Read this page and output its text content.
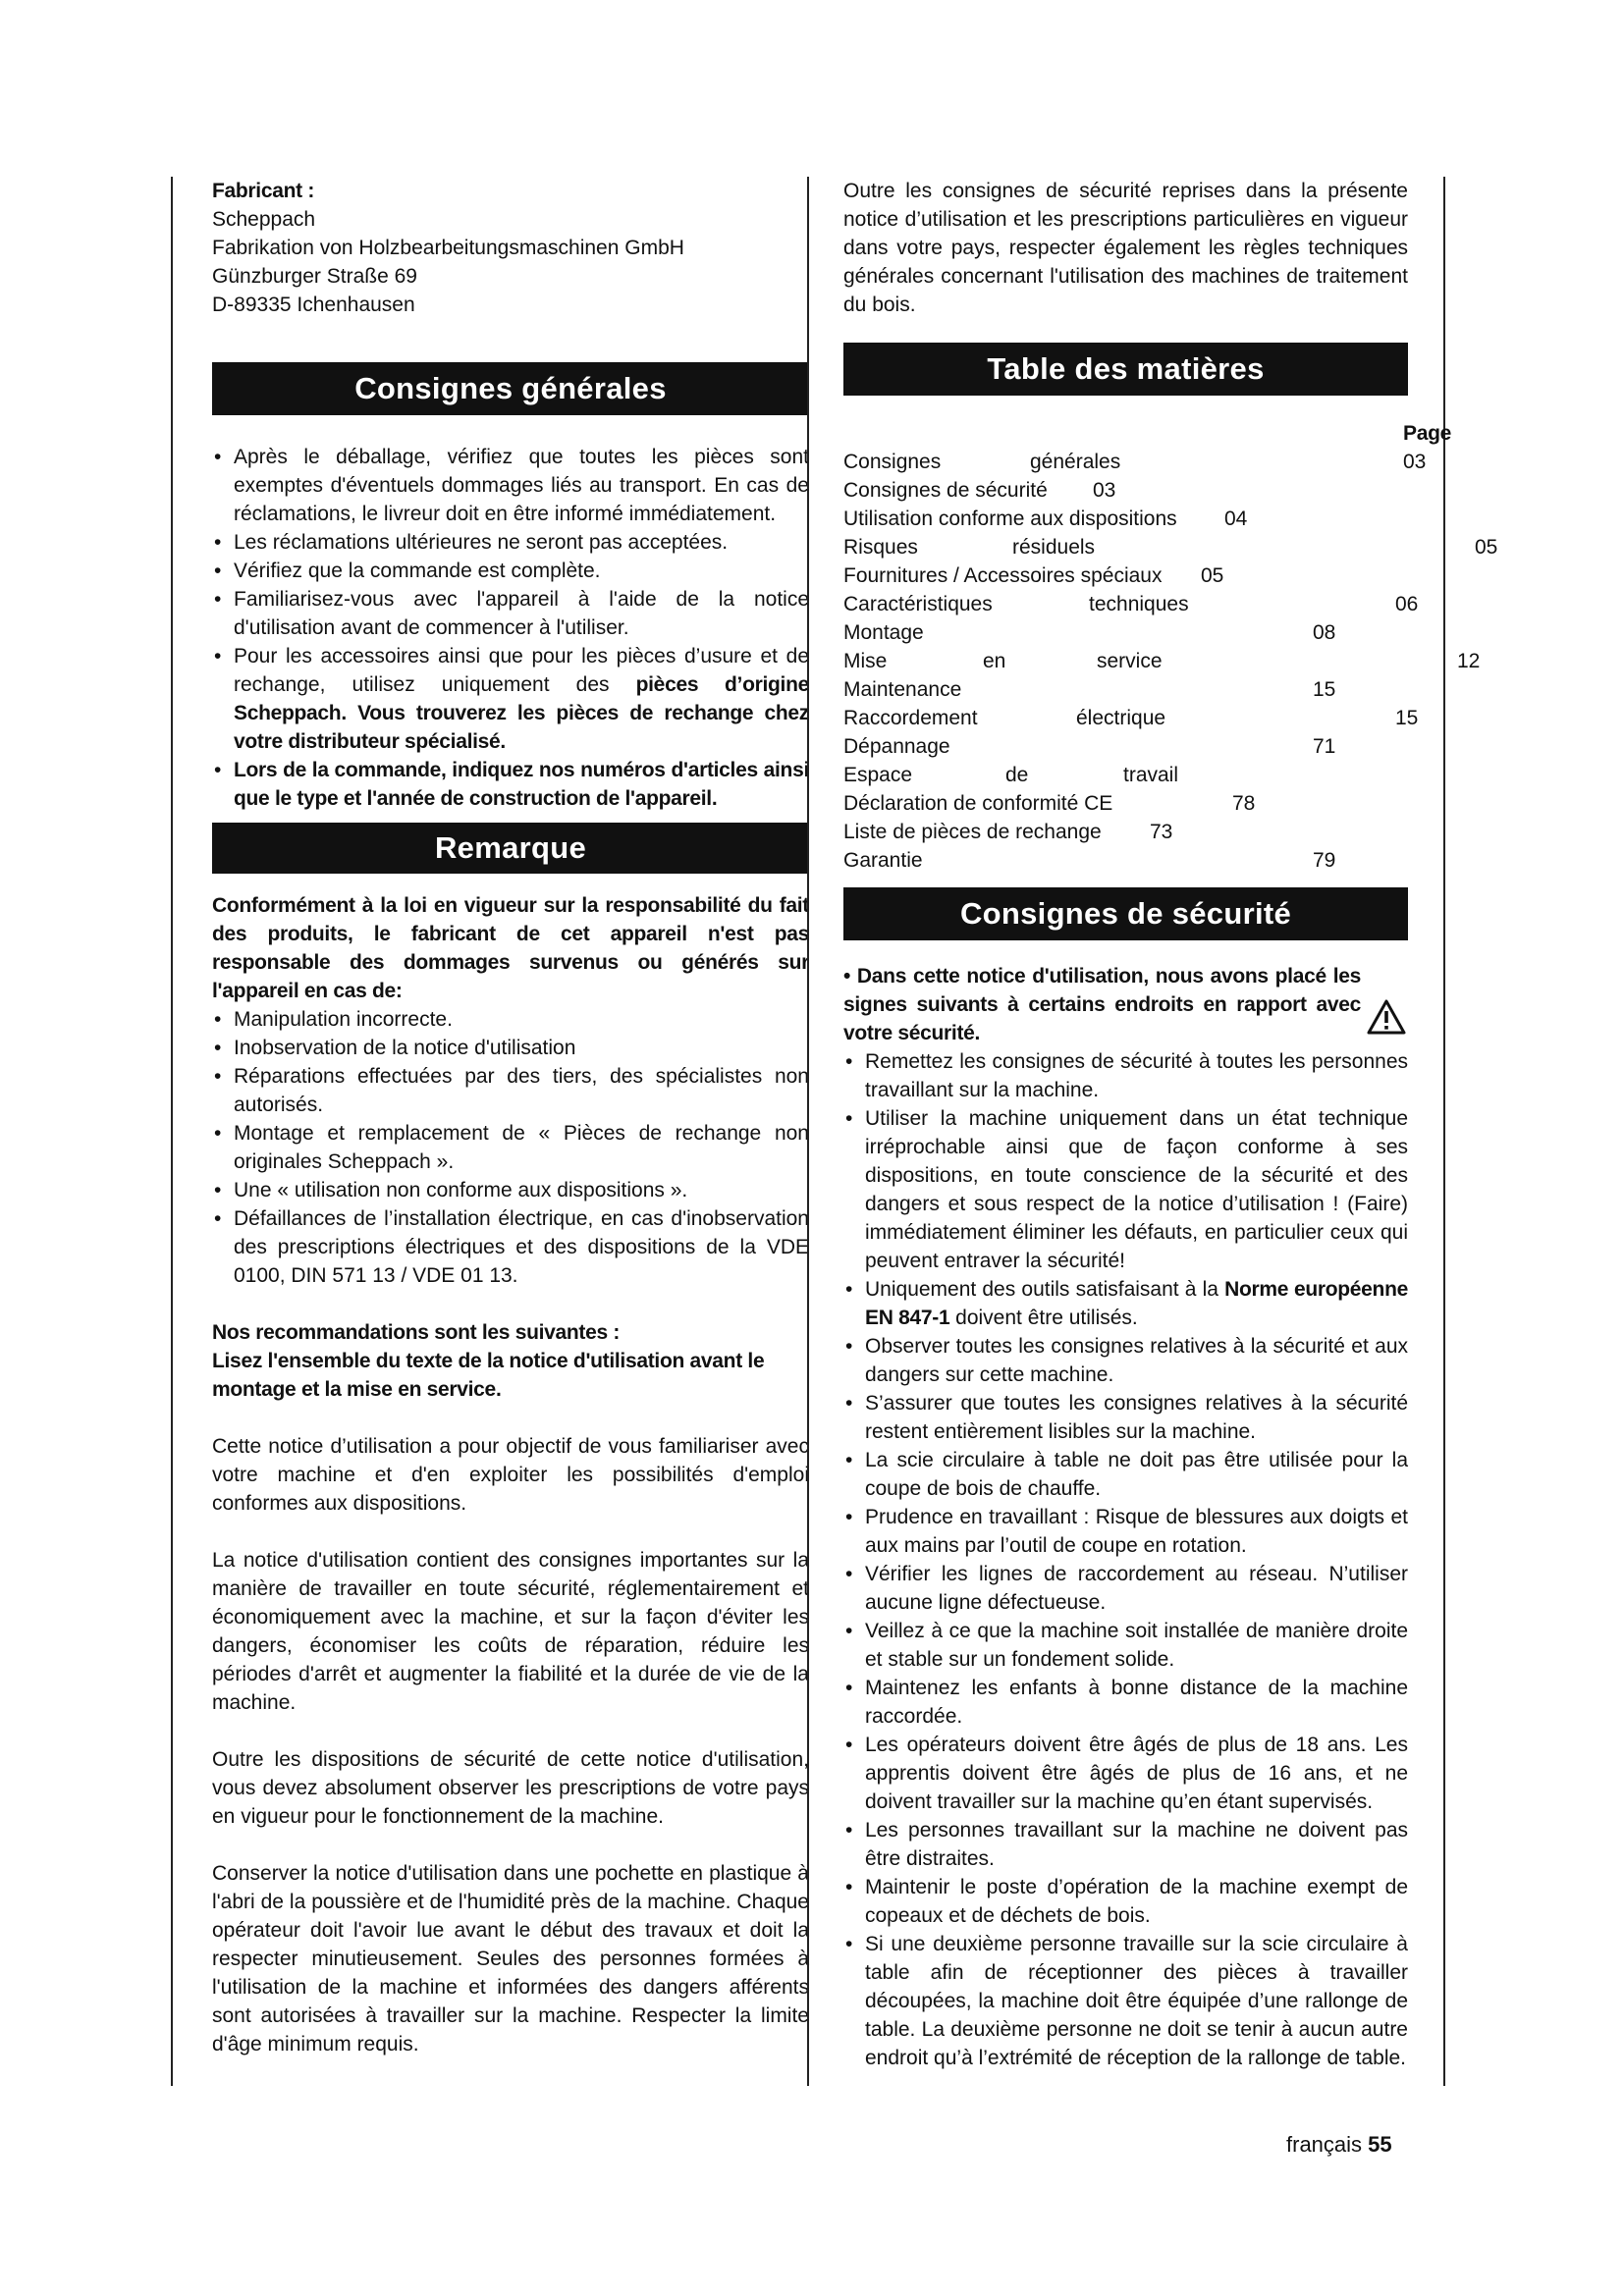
Fabricant :

Scheppach

Fabrikation von Holzbearbeitungsmaschinen GmbH

Günzburger Straße 69

D-89335 Ichenhausen

Consignes générales
• Après le déballage, vérifiez que toutes les pièces sont exemptes d'éventuels dommages liés au transport. En cas de réclamations, le livreur doit en être informé immédiatement.
• Les réclamations ultérieures ne seront pas acceptées.
• Vérifiez que la commande est complète.
• Familiarisez-vous avec l'appareil à l'aide de la notice d'utilisation avant de commencer à l'utiliser.
• Pour les accessoires ainsi que pour les pièces d’usure et de rechange, utilisez uniquement des pièces d’origine Scheppach. Vous trouverez les pièces de rechange chez votre distributeur spécialisé.
• Lors de la commande, indiquez nos numéros d'articles ainsi que le type et l'année de construction de l'appareil.
Remarque

Conformément à la loi en vigueur sur la responsabilité du fait des produits, le fabricant de cet appareil n'est pas responsable des dommages survenus ou générés sur l'appareil en cas de:

• Manipulation incorrecte.
• Inobservation de la notice d'utilisation
• Réparations effectuées par des tiers, des spécialistes non autorisés.
• Montage et remplacement de « Pièces de rechange non originales Scheppach ».
• Une « utilisation non conforme aux dispositions ».
• Défaillances de l’installation électrique, en cas d'inobservation des prescriptions électriques et des dispositions de la VDE 0100, DIN 571 13 / VDE 01 13.

Nos recommandations sont les suivantes :

Lisez l'ensemble du texte de la notice d'utilisation avant le montage et la mise en service.

Cette notice d’utilisation a pour objectif de vous familiariser avec votre machine et d'en exploiter les possibilités d'emploi conformes aux dispositions.

La notice d'utilisation contient des consignes importantes sur la manière de travailler en toute sécurité, réglementairement et économiquement avec la machine, et sur la façon d'éviter les dangers, économiser les coûts de réparation, réduire les périodes d'arrêt et augmenter la fiabilité et la durée de vie de la machine.

Outre les dispositions de sécurité de cette notice d'utilisation, vous devez absolument observer les prescriptions de votre pays en vigueur pour le fonctionnement de la machine.

Conserver la notice d'utilisation dans une pochette en plastique à l'abri de la poussière et de l'humidité près de la machine. Chaque opérateur doit l'avoir lue avant le début des travaux et doit la respecter minutieusement. Seules des personnes formées à l'utilisation de la machine et informées des dangers afférents sont autorisées à travailler sur la machine. Respecter la limite d'âge minimum requis.

Outre les consignes de sécurité reprises dans la présente notice d’utilisation et les prescriptions particulières en vigueur dans votre pays, respecter également les règles techniques générales concernant l'utilisation des machines de traitement du bois.

Table des matières
Page
Consignes	générales	03
Consignes de sécurité 03
Utilisation conforme aux dispositions 04
Risques	résiduels	05
Fournitures / Accessoires spéciaux 05
Caractéristiques	techniques	06
Montage	08
Mise	en	service	12
Maintenance	15
Raccordement	électrique	15
Dépannage	71
Espace	de	travail
Déclaration de conformité CE	78
Liste de pièces de rechange 73
Garantie	79
Consignes de sécurité

• Dans cette notice d'utilisation, nous avons placé les signes suivants à certains endroits en rapport avec votre sécurité.

• Remettez les consignes de sécurité à toutes les personnes travaillant sur la machine.
• Utiliser la machine uniquement dans un état technique irréprochable ainsi que de façon conforme à ses dispositions, en toute conscience de la sécurité et des dangers et sous respect de la notice d’utilisation ! (Faire) immédiatement éliminer les défauts, en particulier ceux qui peuvent entraver la sécurité!
• Uniquement des outils satisfaisant à la Norme européenne EN 847-1 doivent être utilisés.
• Observer toutes les consignes relatives à la sécurité et aux dangers sur cette machine.
• S’assurer que toutes les consignes relatives à la sécurité restent entièrement lisibles sur la machine.
• La scie circulaire à table ne doit pas être utilisée pour la coupe de bois de chauffe.
• Prudence en travaillant : Risque de blessures aux doigts et aux mains par l’outil de coupe en rotation.
• Vérifier les lignes de raccordement au réseau. N’utiliser aucune ligne défectueuse.
• Veillez à ce que la machine soit installée de manière droite et stable sur un fondement solide.
• Maintenez les enfants à bonne distance de la machine raccordée.
• Les opérateurs doivent être âgés de plus de 18 ans. Les apprentis doivent être âgés de plus de 16 ans, et ne doivent travailler sur la machine qu’en étant supervisés.
• Les personnes travaillant sur la machine ne doivent pas être distraites.
• Maintenir le poste d’opération de la machine exempt de copeaux et de déchets de bois.
• Si une deuxième personne travaille sur la scie circulaire à table afin de réceptionner des pièces à travailler découpées, la machine doit être équipée d’une rallonge de table. La deuxième personne ne doit se tenir à aucun autre endroit qu’à l’extrémité de réception de la rallonge de table.
français 55
